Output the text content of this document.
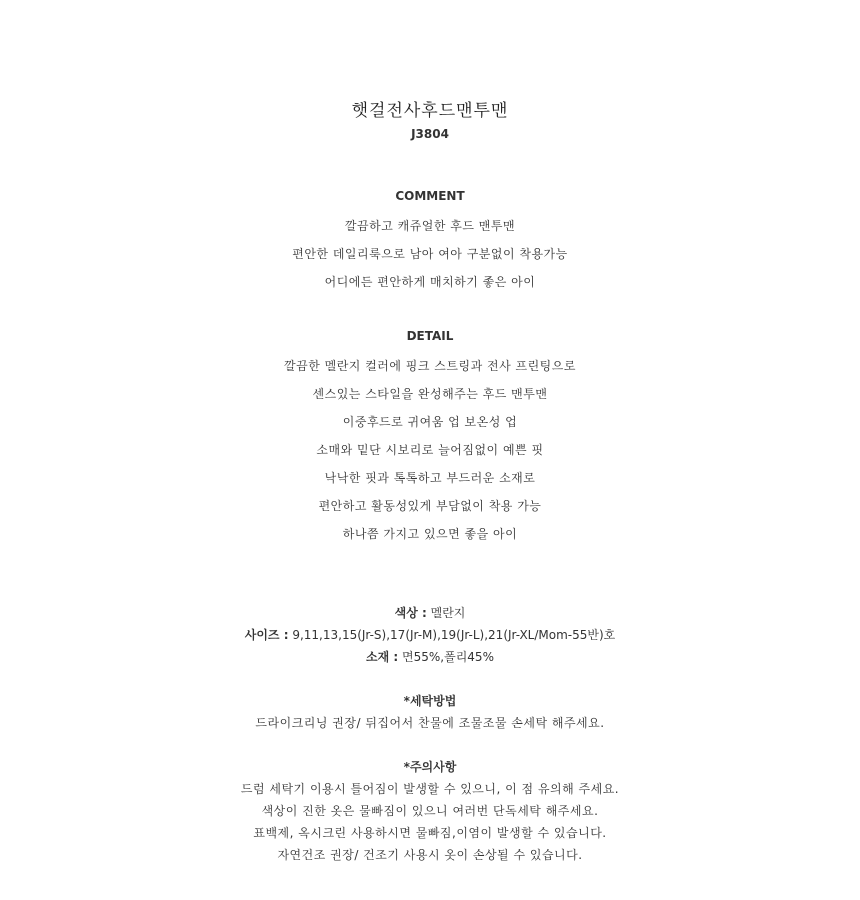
햇걸전사후드맨투맨
J3804
COMMENT
깔끔하고 캐쥬얼한 후드 맨투맨
편안한 데일리룩으로 남아 여아 구분없이 착용가능
어디에든 편안하게 매치하기 좋은 아이
DETAIL
깔끔한 멜란지 컬러에 핑크 스트링과 전사 프린팅으로
센스있는 스타일을 완성해주는 후드 맨투맨
이중후드로 귀여움 업 보온성 업
소매와 밑단 시보리로 늘어짐없이 예쁜 핏
낙낙한 핏과 톡톡하고 부드러운 소재로
편안하고 활동성있게 부담없이 착용 가능
하나쯤 가지고 있으면 좋을 아이
색상 : 멜란지
사이즈 : 9,11,13,15(Jr-S),17(Jr-M),19(Jr-L),21(Jr-XL/Mom-55반)호
소재 : 면55%,폴리45%
*세탁방법
드라이크리닝 권장/ 뒤집어서 찬물에 조물조물 손세탁 해주세요.
*주의사항
드럼 세탁기 이용시 틀어짐이 발생할 수 있으니, 이 점 유의해 주세요.
색상이 진한 옷은 물빠짐이 있으니 여러번 단독세탁 해주세요.
표백제, 옥시크린 사용하시면 물빠짐,이염이 발생할 수 있습니다.
자연건조 권장/ 건조기 사용시 옷이 손상될 수 있습니다.
